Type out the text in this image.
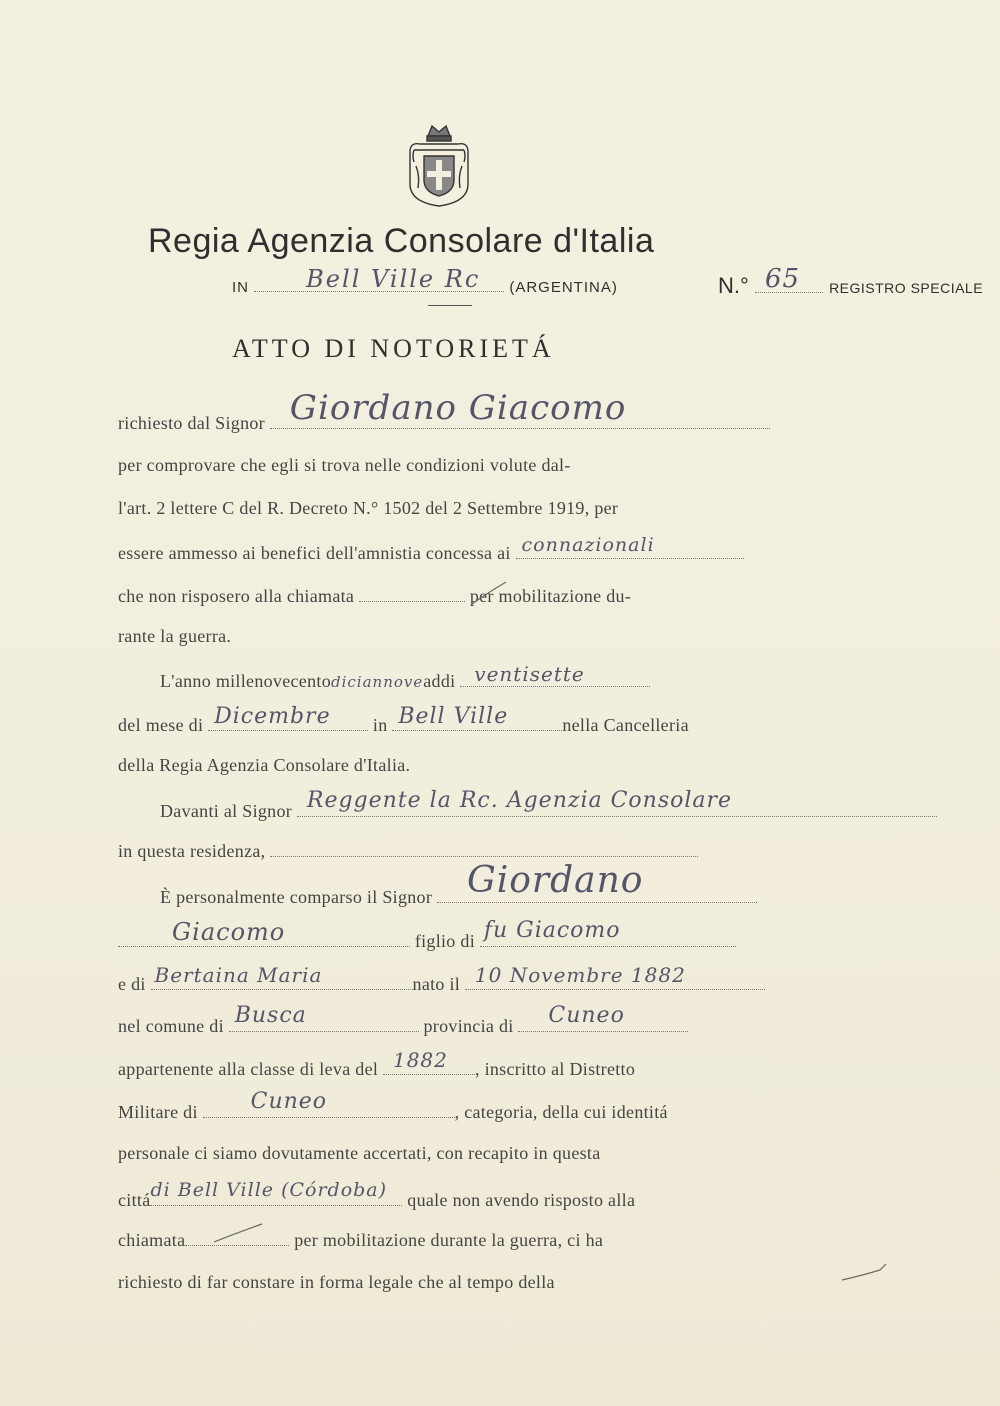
Regia Agenzia Consolare d'Italia
IN Bell Ville Rc (ARGENTINA)	N.° 65 REGISTRO SPECIALE
ATTO DI NOTORIETÁ
richiesto dal Signor Giordano Giacomo
per comprovare che egli si trova nelle condizioni volute dal-
l'art. 2 lettere C del R. Decreto N.° 1502 del 2 Settembre 1919, per
essere ammesso ai benefici dell'amnistia concessa ai connazionali
che non risposero alla chiamata	per mobilitazione du-
rante la guerra.
L'anno millenovecentodiciannoveaddi ventisette
del mese di Dicembre in Bell Ville	nella Cancelleria
della Regia Agenzia Consolare d'Italia.
Davanti al Signor Reggente la Rc. Agenzia Consolare
in questa residenza,
È personalmente comparso il Signor Giordano
Giacomo	figlio di fu Giacomo
e di Bertaina Maria	nato il 10 Novembre 1882
nel comune di Busca	provincia di Cuneo
appartenente alla classe di leva del 1882 , inscritto al Distretto
Militare di Cuneo	, categoria, della cui identitá
personale ci siamo dovutamente accertati, con recapito in questa
cittá di Bell Ville (Córdoba) quale non avendo risposto alla
chiamata	per mobilitazione durante la guerra, ci ha
richiesto di far constare in forma legale che al tempo della
